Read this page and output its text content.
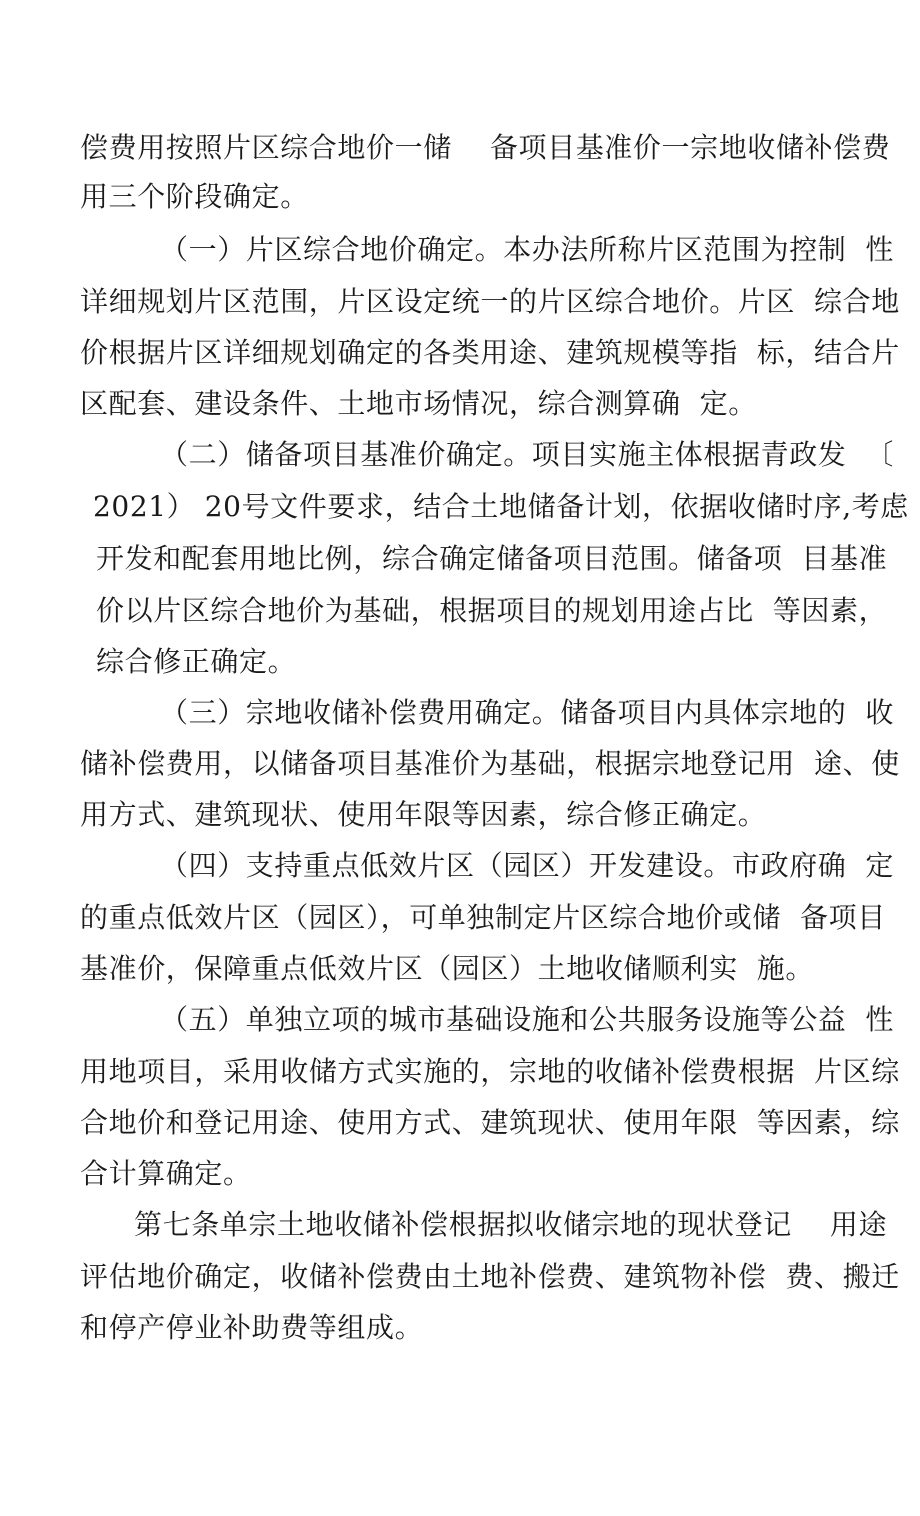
偿费用按照片区综合地价一储　 备项目基准价一宗地收储补偿费
用三个阶段确定。
（一）片区综合地价确定。本办法所称片区范围为控制  性
详细规划片区范围，片区设定统一的片区综合地价。片区  综合地
价根据片区详细规划确定的各类用途、建筑规模等指  标，结合片
区配套、建设条件、土地市场情况，综合测算确  定。
（二）储备项目基准价确定。项目实施主体根据青政发  〔
2021） 20号文件要求，结合土地储备计划，依据收储时序,考虑
开发和配套用地比例，综合确定储备项目范围。储备项  目基准
价以片区综合地价为基础，根据项目的规划用途占比  等因素，
综合修正确定。
（三）宗地收储补偿费用确定。储备项目内具体宗地的  收
储补偿费用，以储备项目基准价为基础，根据宗地登记用  途、使
用方式、建筑现状、使用年限等因素，综合修正确定。
（四）支持重点低效片区（园区）开发建设。市政府确  定
的重点低效片区（园区），可单独制定片区综合地价或储  备项目
基准价，保障重点低效片区（园区）土地收储顺利实  施。
（五）单独立项的城市基础设施和公共服务设施等公益  性
用地项目，采用收储方式实施的，宗地的收储补偿费根据  片区综
合地价和登记用途、使用方式、建筑现状、使用年限  等因素，综
合计算确定。
第七条单宗土地收储补偿根据拟收储宗地的现状登记　 用途
评估地价确定，收储补偿费由土地补偿费、建筑物补偿  费、搬迁
和停产停业补助费等组成。
